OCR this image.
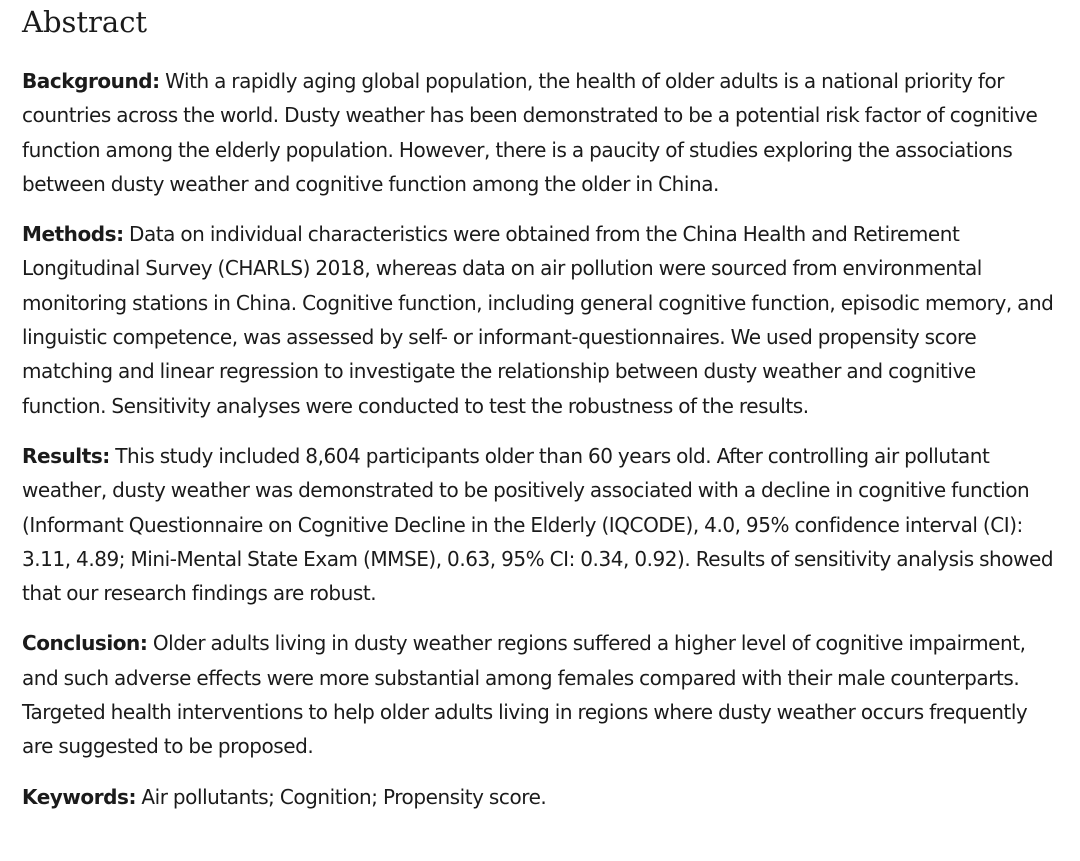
Abstract

Background: With a rapidly aging global population, the health of older adults is a national priority for countries across the world. Dusty weather has been demonstrated to be a potential risk factor of cognitive function among the elderly population. However, there is a paucity of studies exploring the associations between dusty weather and cognitive function among the older in China.

Methods: Data on individual characteristics were obtained from the China Health and Retirement Longitudinal Survey (CHARLS) 2018, whereas data on air pollution were sourced from environmental monitoring stations in China. Cognitive function, including general cognitive function, episodic memory, and linguistic competence, was assessed by self- or informant-questionnaires. We used propensity score matching and linear regression to investigate the relationship between dusty weather and cognitive function. Sensitivity analyses were conducted to test the robustness of the results.

Results: This study included 8,604 participants older than 60 years old. After controlling air pollutant weather, dusty weather was demonstrated to be positively associated with a decline in cognitive function (Informant Questionnaire on Cognitive Decline in the Elderly (IQCODE), 4.0, 95% confidence interval (CI): 3.11, 4.89; Mini-Mental State Exam (MMSE), 0.63, 95% CI: 0.34, 0.92). Results of sensitivity analysis showed that our research findings are robust.

Conclusion: Older adults living in dusty weather regions suffered a higher level of cognitive impairment, and such adverse effects were more substantial among females compared with their male counterparts. Targeted health interventions to help older adults living in regions where dusty weather occurs frequently are suggested to be proposed.

Keywords: Air pollutants; Cognition; Propensity score.
